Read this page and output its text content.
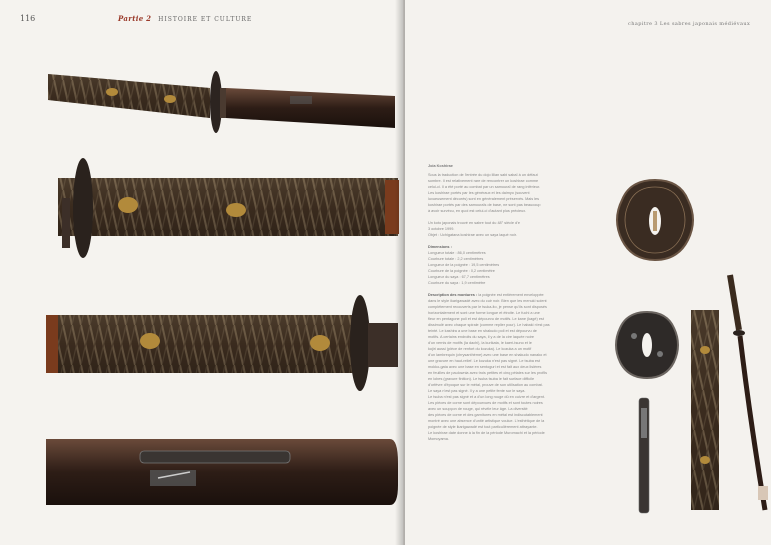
116	Partie 2 HISTOIRE ET CULTURE
chapitre 3 Les sabres japonais médiévaux
Joia Koshirae
Sous la traduction de l'entrée du dojo lilian sabi sabaï à un défaut
sombre. Il est relativement rare de rencontrer un koshirae comme
celui-ci. Il a été porté au combat par un samouraï de rang inférieur.
Les koshirae portés par les généraux et les daimyo (souvent
luxueusement décorés) sont en généralement préservés. Mais les
koshirae portés par des samouraïs de base, ne sont pas beaucoup
à avoir survécu, en quoi est celui-ci d'autant plus précieux.
Un koto japonais trouvé en sabre tout du 48° siècle d'e
3 octobre 1999.
Objet : Uchigatana koshirae avec un saya laqué noir.
Dimensions :
Longueur totale : 86,0 centimètres
Courbure totale : 2,2 centimètres
Longueur de la poignée : 19,5 centimètres
Courbure de la poignée : 0,2 centimètre
Longueur du saya : 67,7 centimètres
Courbure du saya : 1,9 centimètre
Description des montures : la poignée est entièrement enveloppée
dans le style ikarigawadé avec du cuir noir. Bien que les menuki soient
complètement recouverts par le tsuka-ito, je pense qu'ils sont disposés
horizontalement et sont une forme longue et étroite. Le fuchi a une
fleur en pentagone poli et est dépourvu de motifs. Le kane (kagé) est
dissimulé avec chaque spirale (comme replier pour). Le habaki n'est pas
teinté. Le kashira a une base en shakudo poli et est dépourvu de
motifs. A certains endroits du saya, il y a de la cire laquée noire
d'un vernis de motifs (la dachi), la kurikata, le kaeri-tsuno et le
kojiri aussi (pièce de renfort du kozuka). Le kozuka a un motif
d'un lambrequin (chrysanthème) avec une base en shakudo nanako et
une gravure en haut-relief. Le kozuka n'est pas signé. Le tsuba est
mokko-gata avec une base en sentoguri et est fait aux deux lisières
en feuilles de paulownia avec trois petites et cinq pétales sur les profils
en lobes (gravure finition). Le tsuba tsuba le fait surface difficile
d'orfèvre d'époque sur le métal, prouve de son utilisation au combat.
Le saya n'est pas signé. Il y a une petite fente sur le saya.
Le tsuba n'est pas signé et a d'un long rouge dû en cuivre et d'argent.
Les pièces de corne sont dépourvues de motifs et sont toutes noires
avec un soupçon de rouge, qui révèle leur âge. La diversité
des pièces de corne et des garnitures en métal est indiscutablement
montré avec une absence d'unité artistique voulue. L'esthétique de la
poignée de style ikarigawadé est tout particulièrement attrayante.
Le koshirae date donne à la fin de la période Muromachi et la période
Momoyama.
